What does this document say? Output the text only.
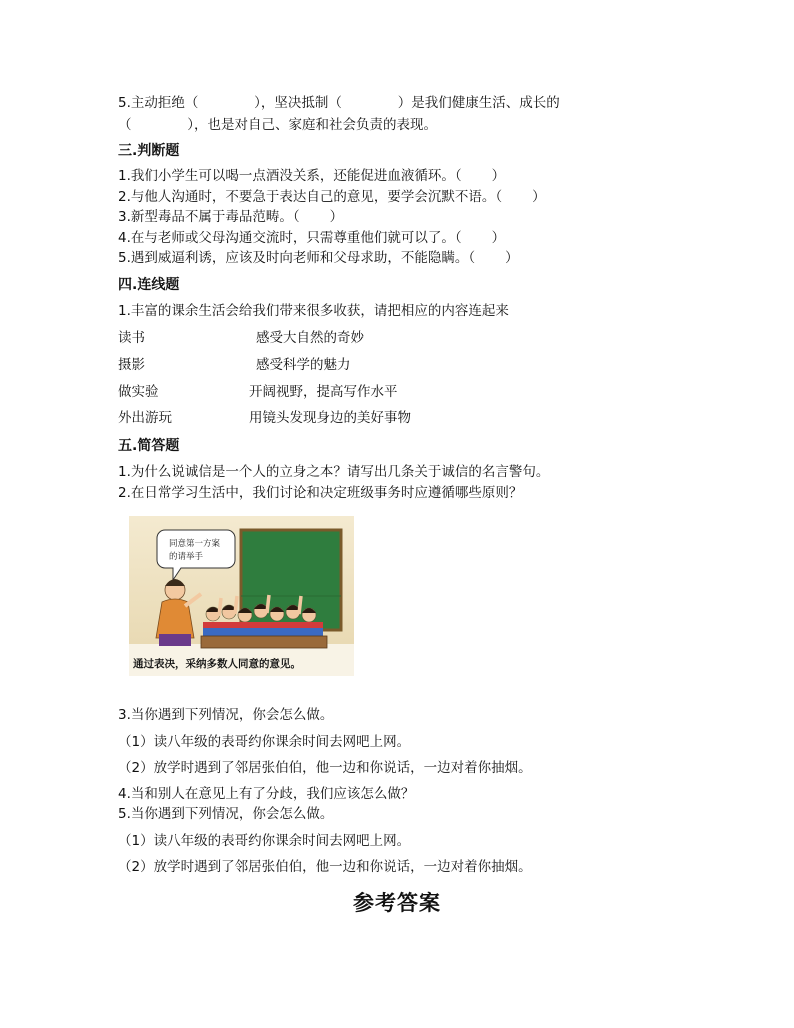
5.主动拒绝（             ），坚决抵制（             ）是我们健康生活、成长的
（             ），也是对自己、家庭和社会负责的表现。
三.判断题
1.我们小学生可以喝一点酒没关系，还能促进血液循环。（       ）
2.与他人沟通时，不要急于表达自己的意见，要学会沉默不语。（       ）
3.新型毒品不属于毒品范畴。（       ）
4.在与老师或父母沟通交流时，只需尊重他们就可以了。（       ）
5.遇到威逼利诱，应该及时向老师和父母求助，不能隐瞒。（       ）
四.连线题
1.丰富的课余生活会给我们带来很多收获，请把相应的内容连起来
读书	感受大自然的奇妙
摄影	感受科学的魅力
做实验	开阔视野，提高写作水平
外出游玩	用镜头发现身边的美好事物
五.简答题
1.为什么说诚信是一个人的立身之本？请写出几条关于诚信的名言警句。
2.在日常学习生活中，我们讨论和决定班级事务时应遵循哪些原则？
同意第一方案
的请举手
通过表决，采纳多数人同意的意见。
3.当你遇到下列情况，你会怎么做。
（1）读八年级的表哥约你课余时间去网吧上网。
（2）放学时遇到了邻居张伯伯，他一边和你说话，一边对着你抽烟。
4.当和别人在意见上有了分歧，我们应该怎么做？
5.当你遇到下列情况，你会怎么做。
（1）读八年级的表哥约你课余时间去网吧上网。
（2）放学时遇到了邻居张伯伯，他一边和你说话，一边对着你抽烟。
参考答案
